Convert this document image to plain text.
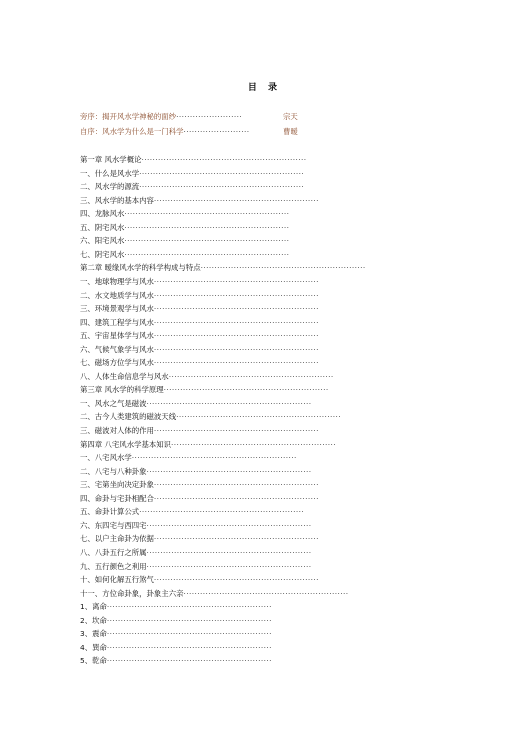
目 录
旁序：揭开风水学神秘的面纱························	宗天
自序：风水学为什么是一门科学························	曹暧
第一章 风水学概论····························································
一、什么是风水学····························································
二、风水学的源流····························································
三、风水学的基本内容····························································
四、龙脉风水····························································
五、阴宅风水····························································
六、阳宅风水····························································
七、阴宅风水····························································
第二章 暧缘风水学的科学构成与特点····························································
一、地球物理学与风水····························································
二、水文地质学与风水····························································
三、环境景观学与风水····························································
四、建筑工程学与风水····························································
五、宇宙星体学与风水····························································
六、气候气象学与风水····························································
七、磁场方位学与风水····························································
八、人体生命信息学与风水····························································
第三章 风水学的科学原理····························································
一、风水之气是磁波····························································
二、古今人类建筑的磁波天线····························································
三、磁波对人体的作用····························································
第四章 八宅风水学基本知识····························································
一、八宅风水学····························································
二、八宅与八种卦象····························································
三、宅第坐向决定卦象····························································
四、命卦与宅卦相配合····························································
五、命卦计算公式····························································
六、东四宅与西四宅····························································
七、以户主命卦为依据····························································
八、八卦五行之所属····························································
九、五行颜色之利用····························································
十、如何化解五行煞气····························································
十一、方位命卦象，卦象主六亲····························································
1、离命····························································
2、坎命····························································
3、震命····························································
4、巽命····························································
5、乾命····························································
